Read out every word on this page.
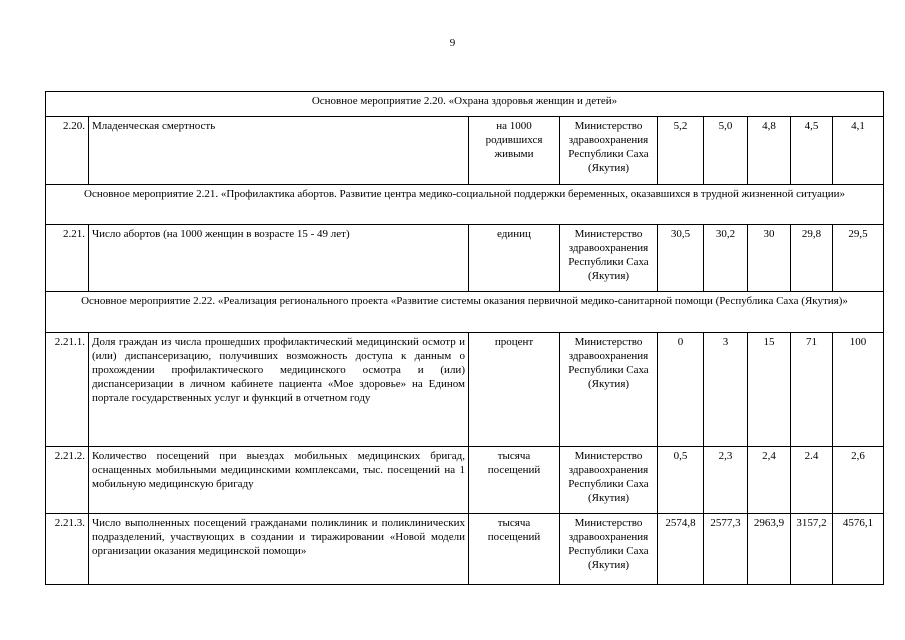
9
Основное мероприятие 2.20. «Охрана здоровья женщин и детей»								
2.20.	Младенческая смертность	на 1000 родившихся живыми	Министерство здравоохранения Республики Саха (Якутия)	5,2	5,0	4,8	4,5	4,1
Основное мероприятие 2.21. «Профилактика абортов. Развитие центра медико-социальной поддержки беременных, оказавшихся в трудной жизненной ситуации»								
2.21.	Число абортов (на 1000 женщин в возрасте 15 - 49 лет)	единиц	Министерство здравоохранения Республики Саха (Якутия)	30,5	30,2	30	29,8	29,5
Основное мероприятие 2.22. «Реализация регионального проекта «Развитие системы оказания первичной медико-санитарной помощи (Республика Саха (Якутия)»								
2.21.1.	Доля граждан из числа прошедших профилактический медицинский осмотр и (или) диспансеризацию, получивших возможность доступа к данным о прохождении профилактического медицинского осмотра и (или) диспансеризации в личном кабинете пациента «Мое здоровье» на Едином портале государственных услуг и функций в отчетном году	процент	Министерство здравоохранения Республики Саха (Якутия)	0	3	15	71	100
2.21.2.	Количество посещений при выездах мобильных медицинских бригад, оснащенных мобильными медицинскими комплексами, тыс. посещений на 1 мобильную медицинскую бригаду	тысяча посещений	Министерство здравоохранения Республики Саха (Якутия)	0,5	2,3	2,4	2.4	2,6
2.21.3.	Число выполненных посещений гражданами поликлиник и поликлинических подразделений, участвующих в создании и тиражировании «Новой модели организации оказания медицинской помощи»	тысяча посещений	Министерство здравоохранения Республики Саха (Якутия)	2574,8	2577,3	2963,9	3157,2	4576,1
